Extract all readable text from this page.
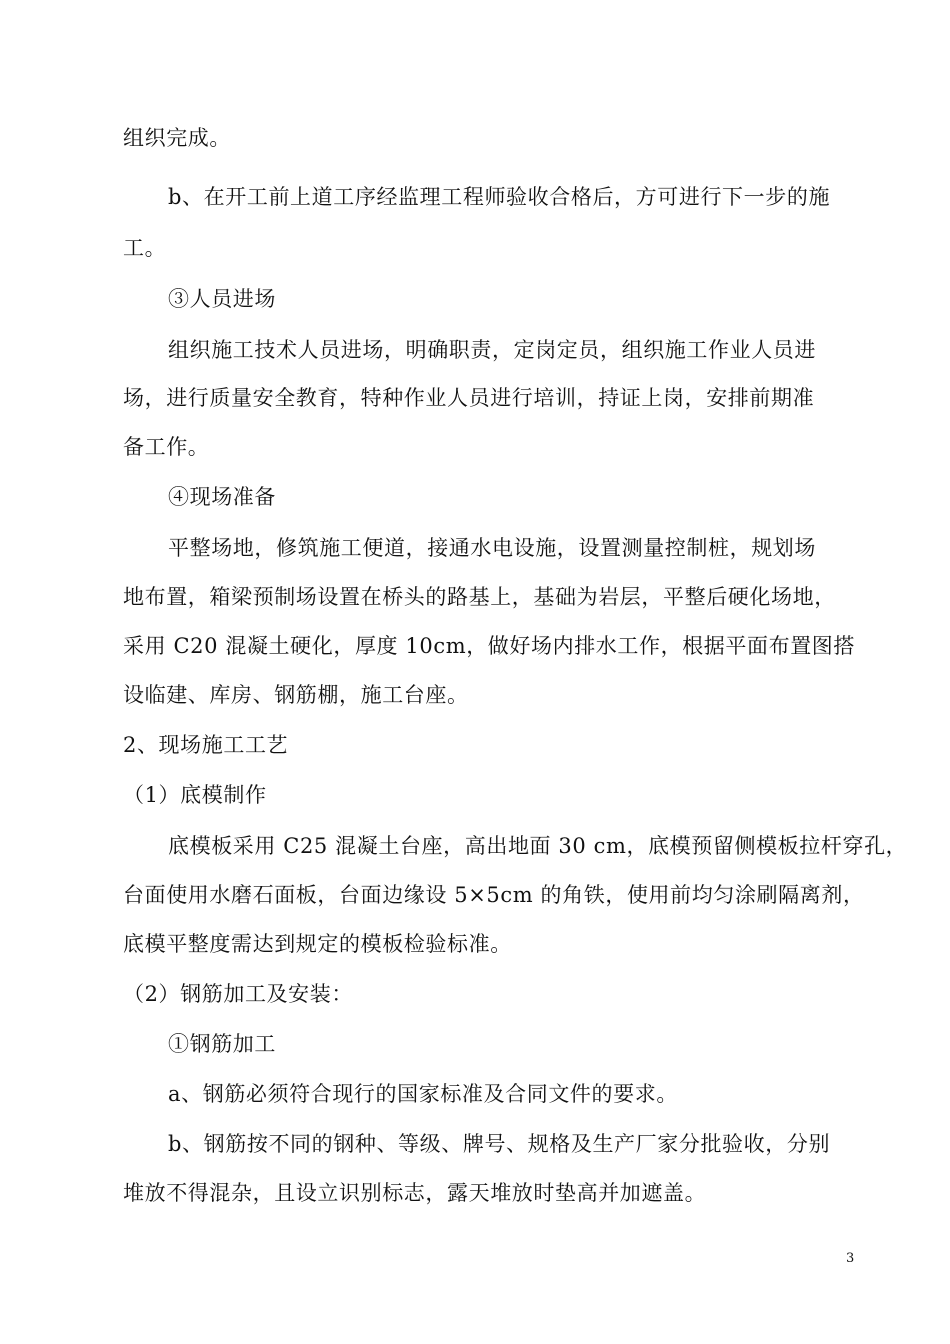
组织完成。
b、在开工前上道工序经监理工程师验收合格后，方可进行下一步的施
工。
③人员进场
组织施工技术人员进场，明确职责，定岗定员，组织施工作业人员进
场，进行质量安全教育，特种作业人员进行培训，持证上岗，安排前期准
备工作。
④现场准备
平整场地，修筑施工便道，接通水电设施，设置测量控制桩，规划场
地布置，箱梁预制场设置在桥头的路基上，基础为岩层，平整后硬化场地，
采用 C20 混凝土硬化，厚度 10cm，做好场内排水工作，根据平面布置图搭
设临建、库房、钢筋棚，施工台座。
2、现场施工工艺
（1）底模制作
底模板采用 C25 混凝土台座，高出地面 30 cm，底模预留侧模板拉杆穿孔，
台面使用水磨石面板，台面边缘设 5×5cm 的角铁，使用前均匀涂刷隔离剂，
底模平整度需达到规定的模板检验标准。
（2）钢筋加工及安装：
①钢筋加工
a、钢筋必须符合现行的国家标准及合同文件的要求。
b、钢筋按不同的钢种、等级、牌号、规格及生产厂家分批验收，分别
堆放不得混杂，且设立识别标志，露天堆放时垫高并加遮盖。
3
